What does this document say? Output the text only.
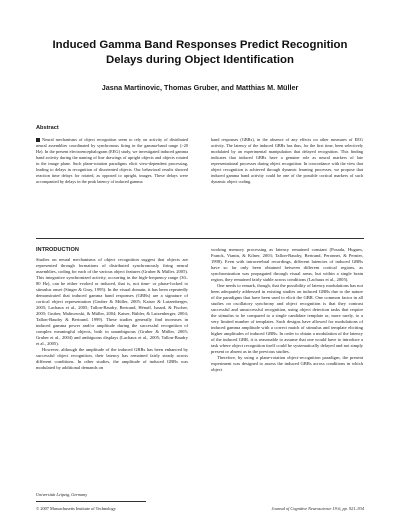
Induced Gamma Band Responses Predict Recognition Delays during Object Identification
Jasna Martinovic, Thomas Gruber, and Matthias M. Müller
Abstract
Neural mechanisms of object recognition seem to rely on activity of distributed neural assemblies coordinated by synchronous firing in the gamma-band range (>20 Hz). In the present electroencephalogram (EEG) study, we investigated induced gamma band activity during the naming of line drawings of upright objects and objects rotated in the image plane. Such plane-rotation paradigms elicit view-dependent processing, leading to delays in recognition of disoriented objects. Our behavioral results showed reaction time delays for rotated, as opposed to upright, images. These delays were accompanied by delays in the peak latency of induced gamma
band responses (GBRs), in the absence of any effects on other measures of EEG activity. The latency of the induced GBRs has thus, for the first time, been selectively modulated by an experimental manipulation that delayed recognition. This finding indicates that induced GBRs have a genuine role as neural markers of late representational processes during object recognition. In concordance with the view that object recognition is achieved through dynamic learning processes, we propose that induced gamma band activity could be one of the possible cortical markers of such dynamic object coding.
INTRODUCTION

Studies on neural mechanisms of object recognition suggest that objects are represented through formations of distributed synchronously firing neural assemblies, coding for each of the various object features (Gruber & Müller, 2005). This integrative synchronized activity, occurring in the high-frequency range (30–80 Hz), can be either evoked or induced, that is, not time- or phase-locked to stimulus onset (Singer & Gray, 1995). In the visual domain, it has been repeatedly demonstrated that induced gamma band responses (GBRs) are a signature of cortical object representation (Gruber & Müller, 2005; Kaiser & Lutzenberger, 2005; Lachaux et al., 2005; Tallon-Baudry, Bertrand, Hénaff, Isnard, & Fischer, 2005; Gruber, Malinowski, & Müller, 2004; Kaiser, Bühler, & Lutzenberger, 2004; Tallon-Baudry & Bertrand, 1999). These studies generally find increases in induced gamma power and/or amplitude during the successful recognition of complex meaningful objects, both in unambiguous (Gruber & Müller, 2005; Gruber et al., 2004) and ambiguous displays (Lachaux et al., 2005; Tallon-Baudry et al., 2005).

However, although the amplitude of the induced GBRs has been enhanced by successful object recognition, their latency has remained fairly steady across different conditions. In other studies, the amplitude of induced GBRs was modulated by additional demands on

working memory processing as latency remained constant (Posada, Hugues, Franck, Vianin, & Kilner, 2003; Tallon-Baudry, Bertrand, Peronnet, & Pernier, 1998). Even with intracerebral recordings, different latencies of induced GBRs have so far only been obtained between different cortical regions, as synchronization was propagated through visual areas, but within a single brain region, they remained fairly stable across conditions (Lachaux et al., 2005).

One needs to remark, though, that the possibility of latency modulations has not been adequately addressed in existing studies on induced GBRs due to the nature of the paradigms that have been used to elicit the GBR. One common factor in all studies on oscillatory synchrony and object recognition is that they contrast successful and unsuccessful recognition, using object detection tasks that require the stimulus to be compared to a single candidate template or, more rarely, to a very limited number of templates. Such designs have allowed for modulations of induced gamma amplitude with a correct match of stimulus and template eliciting higher amplitudes of induced GBRs. In order to obtain a modulation of the latency of the induced GBR, it is reasonable to assume that one would have to introduce a task where object recognition itself could be systematically delayed and not simply present or absent as in the previous studies.

Therefore, by using a plane-rotation object-recognition paradigm, the present experiment was designed to assess the induced GBRs across conditions in which object

Universität Leipzig, Germany
© 2007 Massachusetts Institute of Technology	Journal of Cognitive Neuroscience 19:6, pp. 921–934
